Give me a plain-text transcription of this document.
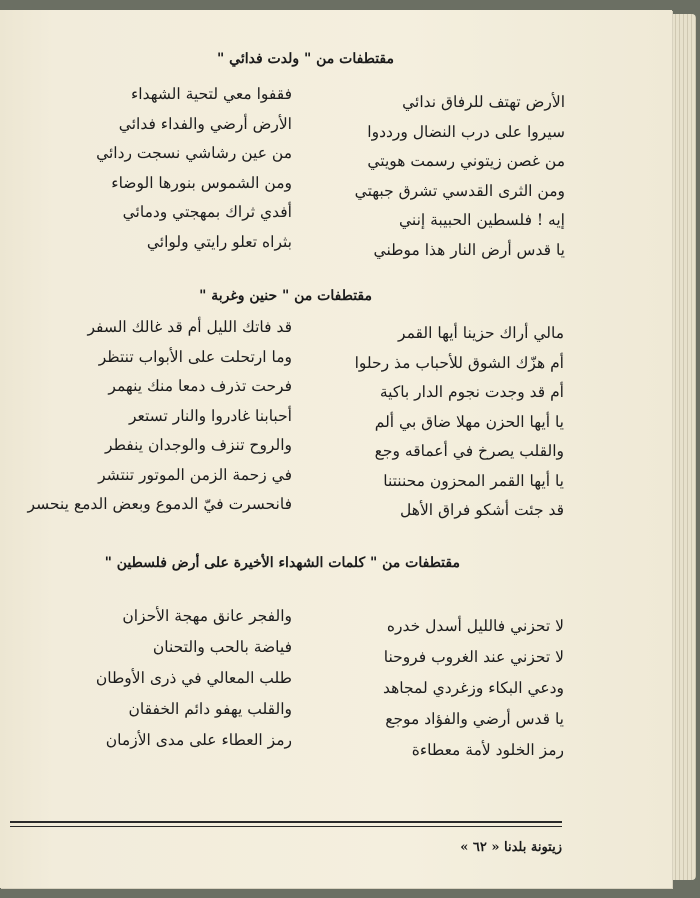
مقتطفات من " ولدت فدائي "
الأرض تهتف للرفاق ندائي
سيروا على درب النضال ورددوا
من غصن زيتوني رسمت هويتي
ومن الثرى القدسي تشرق جبهتي
إيه ! فلسطين الحبيبة إنني
يا قدس أرض النار هذا موطني
فقفوا معي لتحية الشهداء
الأرض أرضي والفداء فدائي
من عين رشاشي نسجت ردائي
ومن الشموس بنورها الوضاء
أفدي ثراك بمهجتي ودمائي
بثراه تعلو رايتي ولوائي
مقتطفات من " حنين وغربة "
مالي أراك حزينا أيها القمر
أم هزّك الشوق للأحباب مذ رحلوا
أم قد وجدت نجوم الدار باكية
يا أيها الحزن مهلا ضاق بي ألم
والقلب يصرخ في أعماقه وجع
يا أيها القمر المحزون محننتنا
قد جئت أشكو فراق الأهل
قد فاتك الليل أم قد غالك السفر
وما ارتحلت على الأبواب تنتظر
فرحت تذرف دمعا منك ينهمر
أحبابنا غادروا والنار تستعر
والروح تنزف والوجدان ينفطر
في زحمة الزمن الموتور تنتشر
فانحسرت فيّ الدموع وبعض الدمع ينحسر
مقتطفات من " كلمات الشهداء الأخيرة على أرض فلسطين "
لا تحزني فالليل أسدل خدره
لا تحزني عند الغروب فروحنا
ودعي البكاء وزغردي لمجاهد
يا قدس أرضي والفؤاد موجع
رمز الخلود لأمة معطاءة
والفجر عانق مهجة الأحزان
فياضة بالحب والتحنان
طلب المعالي في ذرى الأوطان
والقلب يهفو دائم الخفقان
رمز العطاء على مدى الأزمان
زيتونة بلدنا « ٦٢ »
